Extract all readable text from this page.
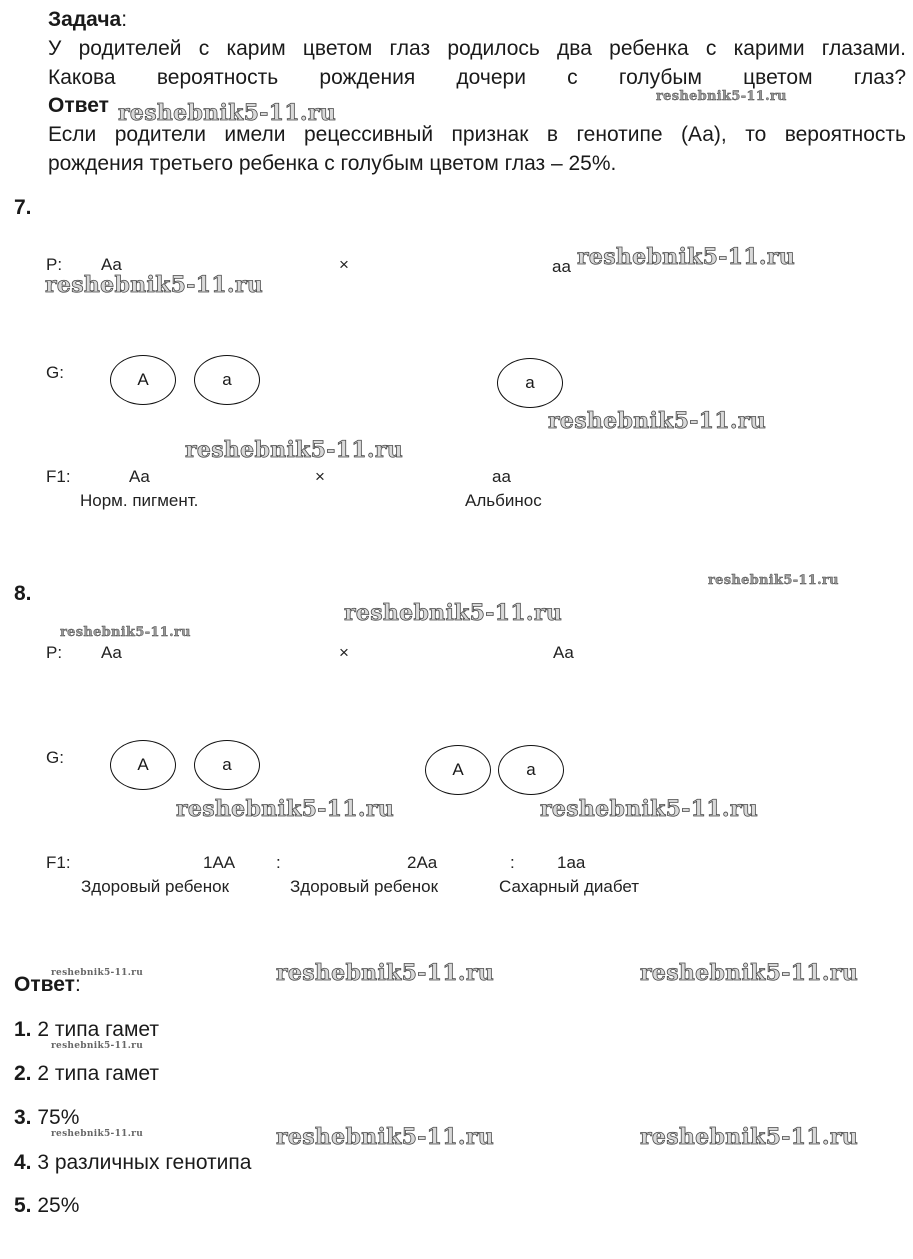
Задача:
У родителей с карим цветом глаз родилось два ребенка с карими глазами.
Какова вероятность рождения дочери с голубым цветом глаз?
Ответ
Если родители имели рецессивный признак в генотипе (Аа), то вероятность
рождения третьего ребенка с голубым цветом глаз – 25%.
7.
P: Aa	×	aa
G:	A	a	a
F1:	Aa	×	aa
Норм. пигмент.	Альбинос
8.
P: Aa	×	Aa
G:	A	a	A	a
F1:	1AA :	2Aa	: 1aa
Здоровый ребенок	Здоровый ребенок	Сахарный диабет
Ответ:
1. 2 типа гамет
2. 2 типа гамет
3. 75%
4. 3 различных генотипа
5. 25%
reshebnik5-11.ru
reshebnik5-11.ru
reshebnik5-11.ru
reshebnik5-11.ru
reshebnik5-11.ru
reshebnik5-11.ru
reshebnik5-11.ru
reshebnik5-11.ru
reshebnik5-11.ru
reshebnik5-11.ru	reshebnik5-11.ru
reshebnik5-11.ru	reshebnik5-11.ru	reshebnik5-11.ru
reshebnik5-11.ru
reshebnik5-11.ru	reshebnik5-11.ru	reshebnik5-11.ru
